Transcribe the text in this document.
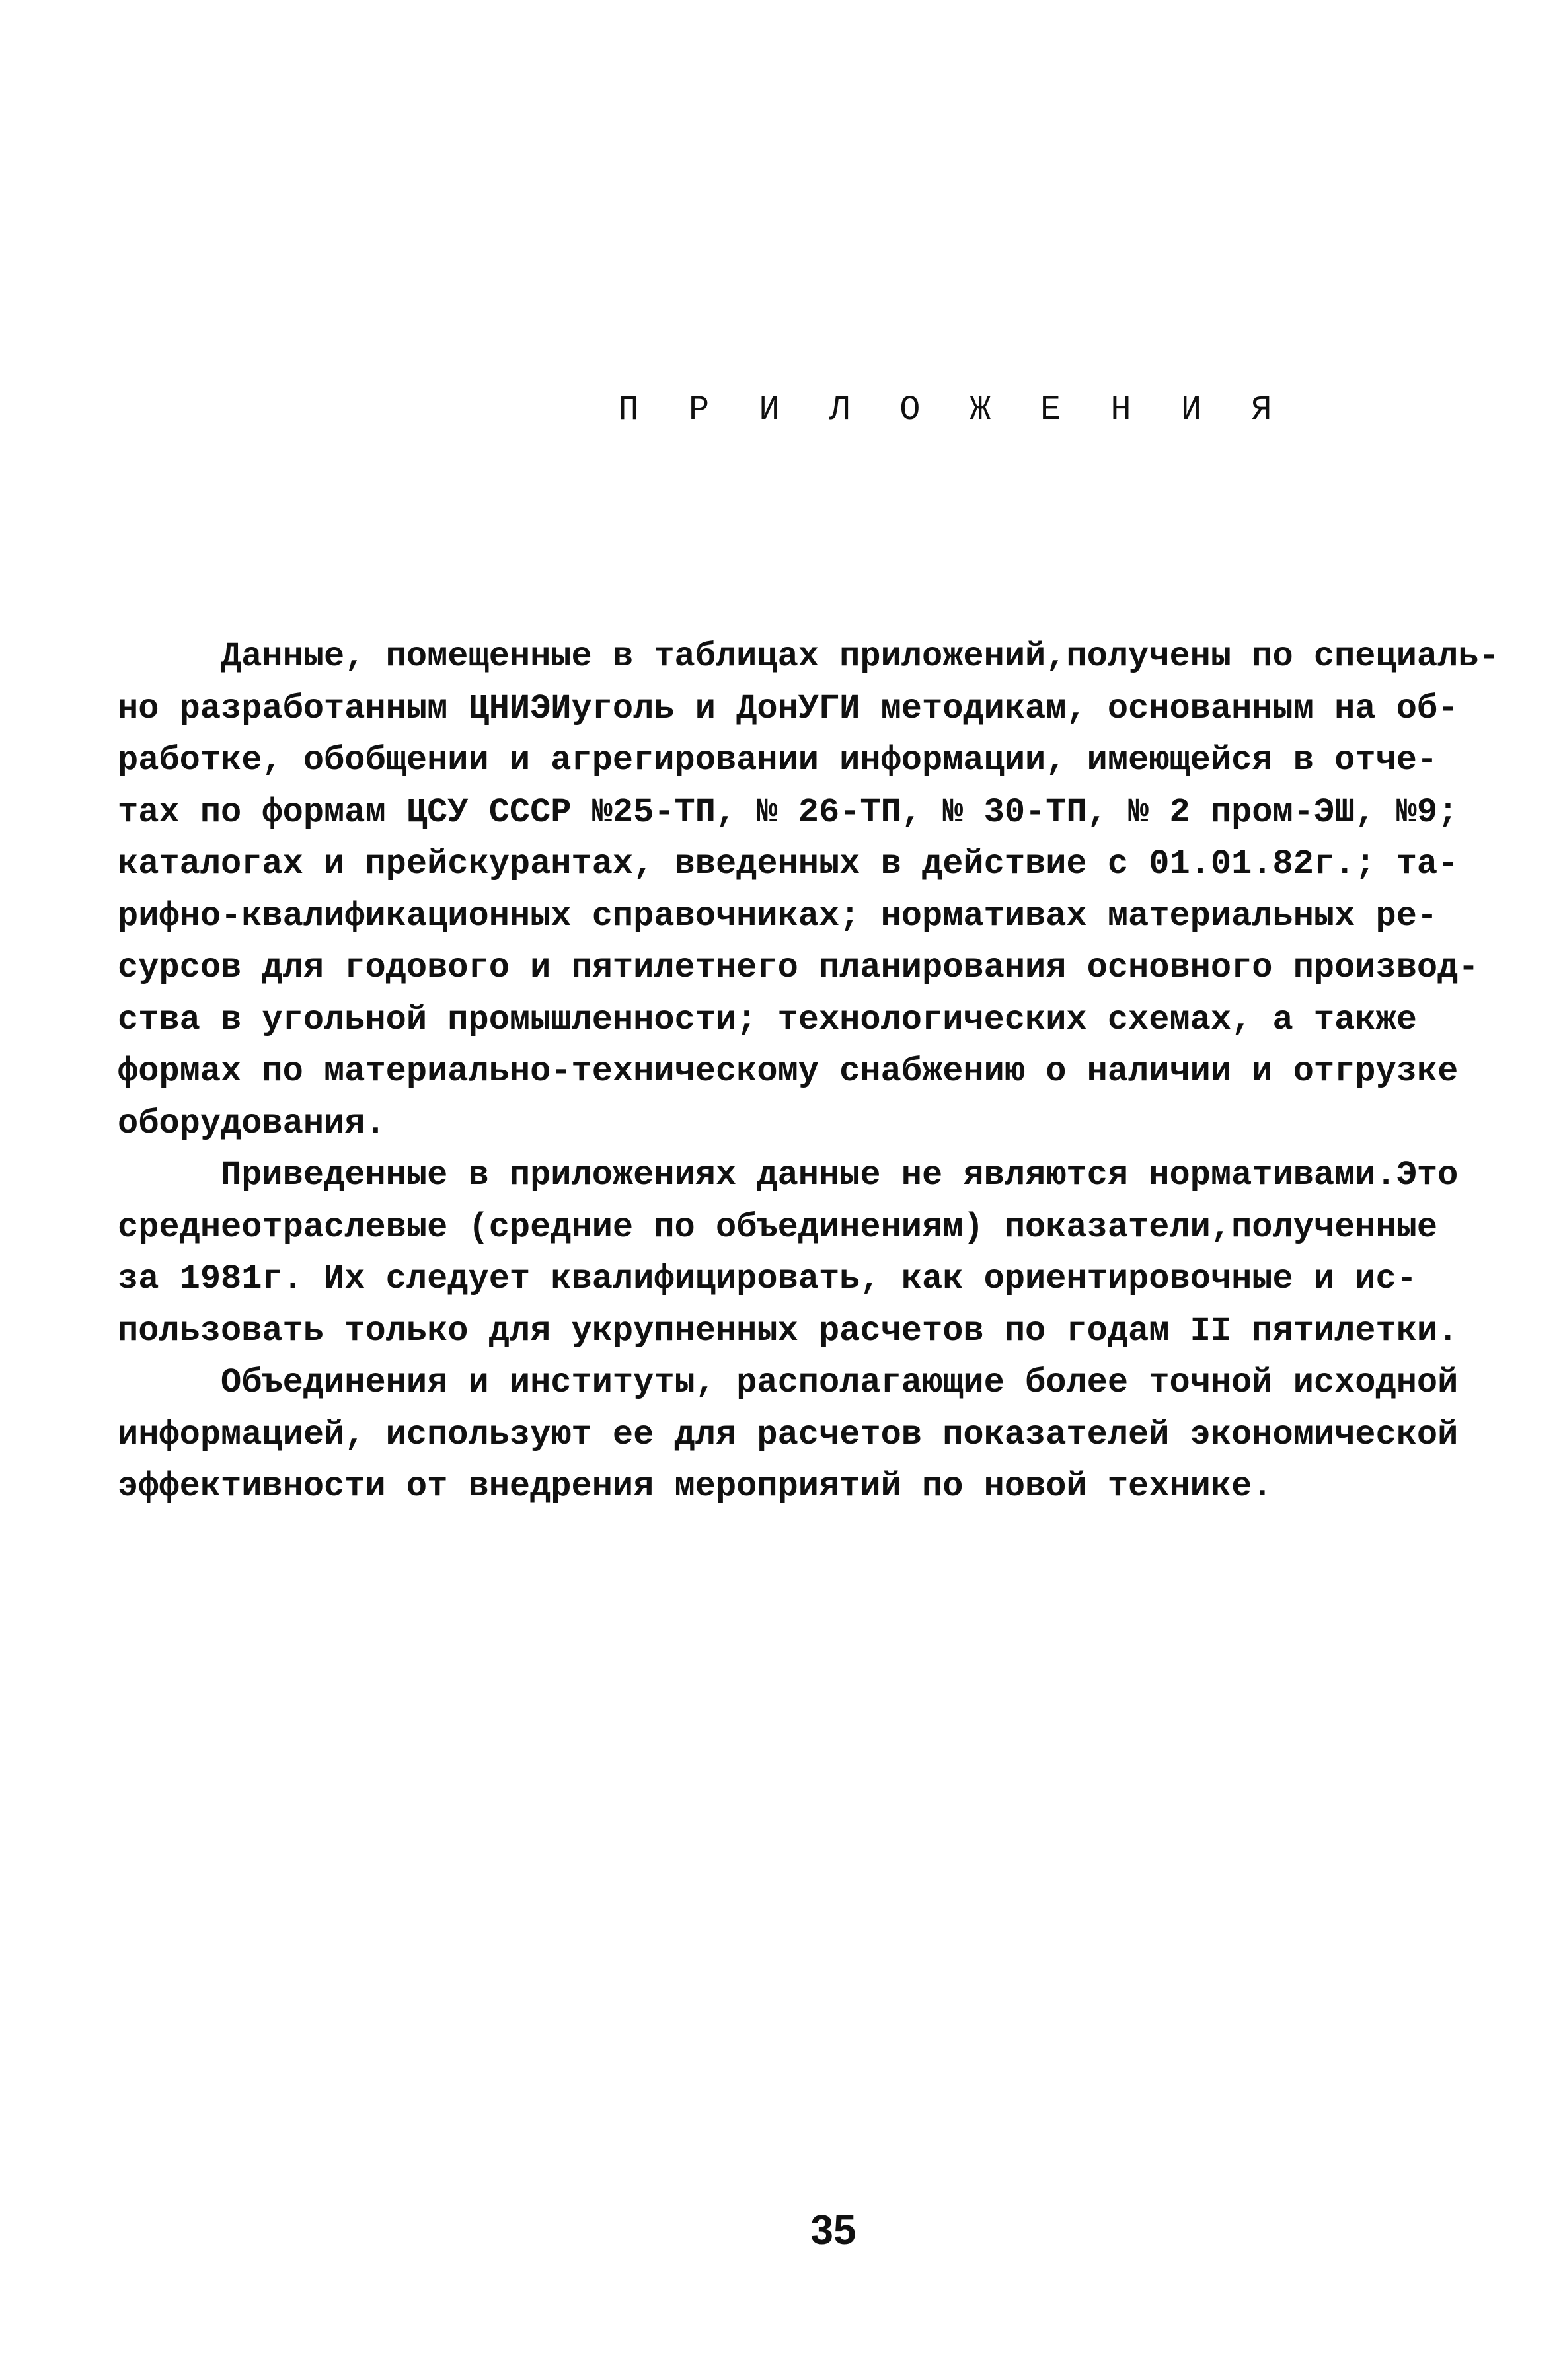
П Р И Л О Ж Е Н И Я
Данные, помещенные в таблицах приложений,получены по специаль-
но разработанным ЦНИЭИуголь и ДонУГИ методикам, основанным на об-
работке, обобщении и агрегировании информации, имеющейся в отче-
тах по формам ЦСУ СССР №25-ТП, № 26-ТП, № 30-ТП, № 2 пром-ЭШ, №9;
каталогах и прейскурантах, введенных в действие с 01.01.82г.; та-
рифно-квалификационных справочниках; нормативах материальных ре-
сурсов для годового и пятилетнего планирования основного производ-
ства в угольной промышленности; технологических схемах, а также
формах по материально-техническому снабжению о наличии и отгрузке
оборудования.
Приведенные в приложениях данные не являются нормативами.Это
среднеотраслевые (средние по объединениям) показатели,полученные
за 1981г. Их следует квалифицировать, как ориентировочные и ис-
пользовать только для укрупненных расчетов по годам II пятилетки.
Объединения и институты, располагающие более точной исходной
информацией, используют ее для расчетов показателей экономической
эффективности от внедрения мероприятий по новой технике.
35
